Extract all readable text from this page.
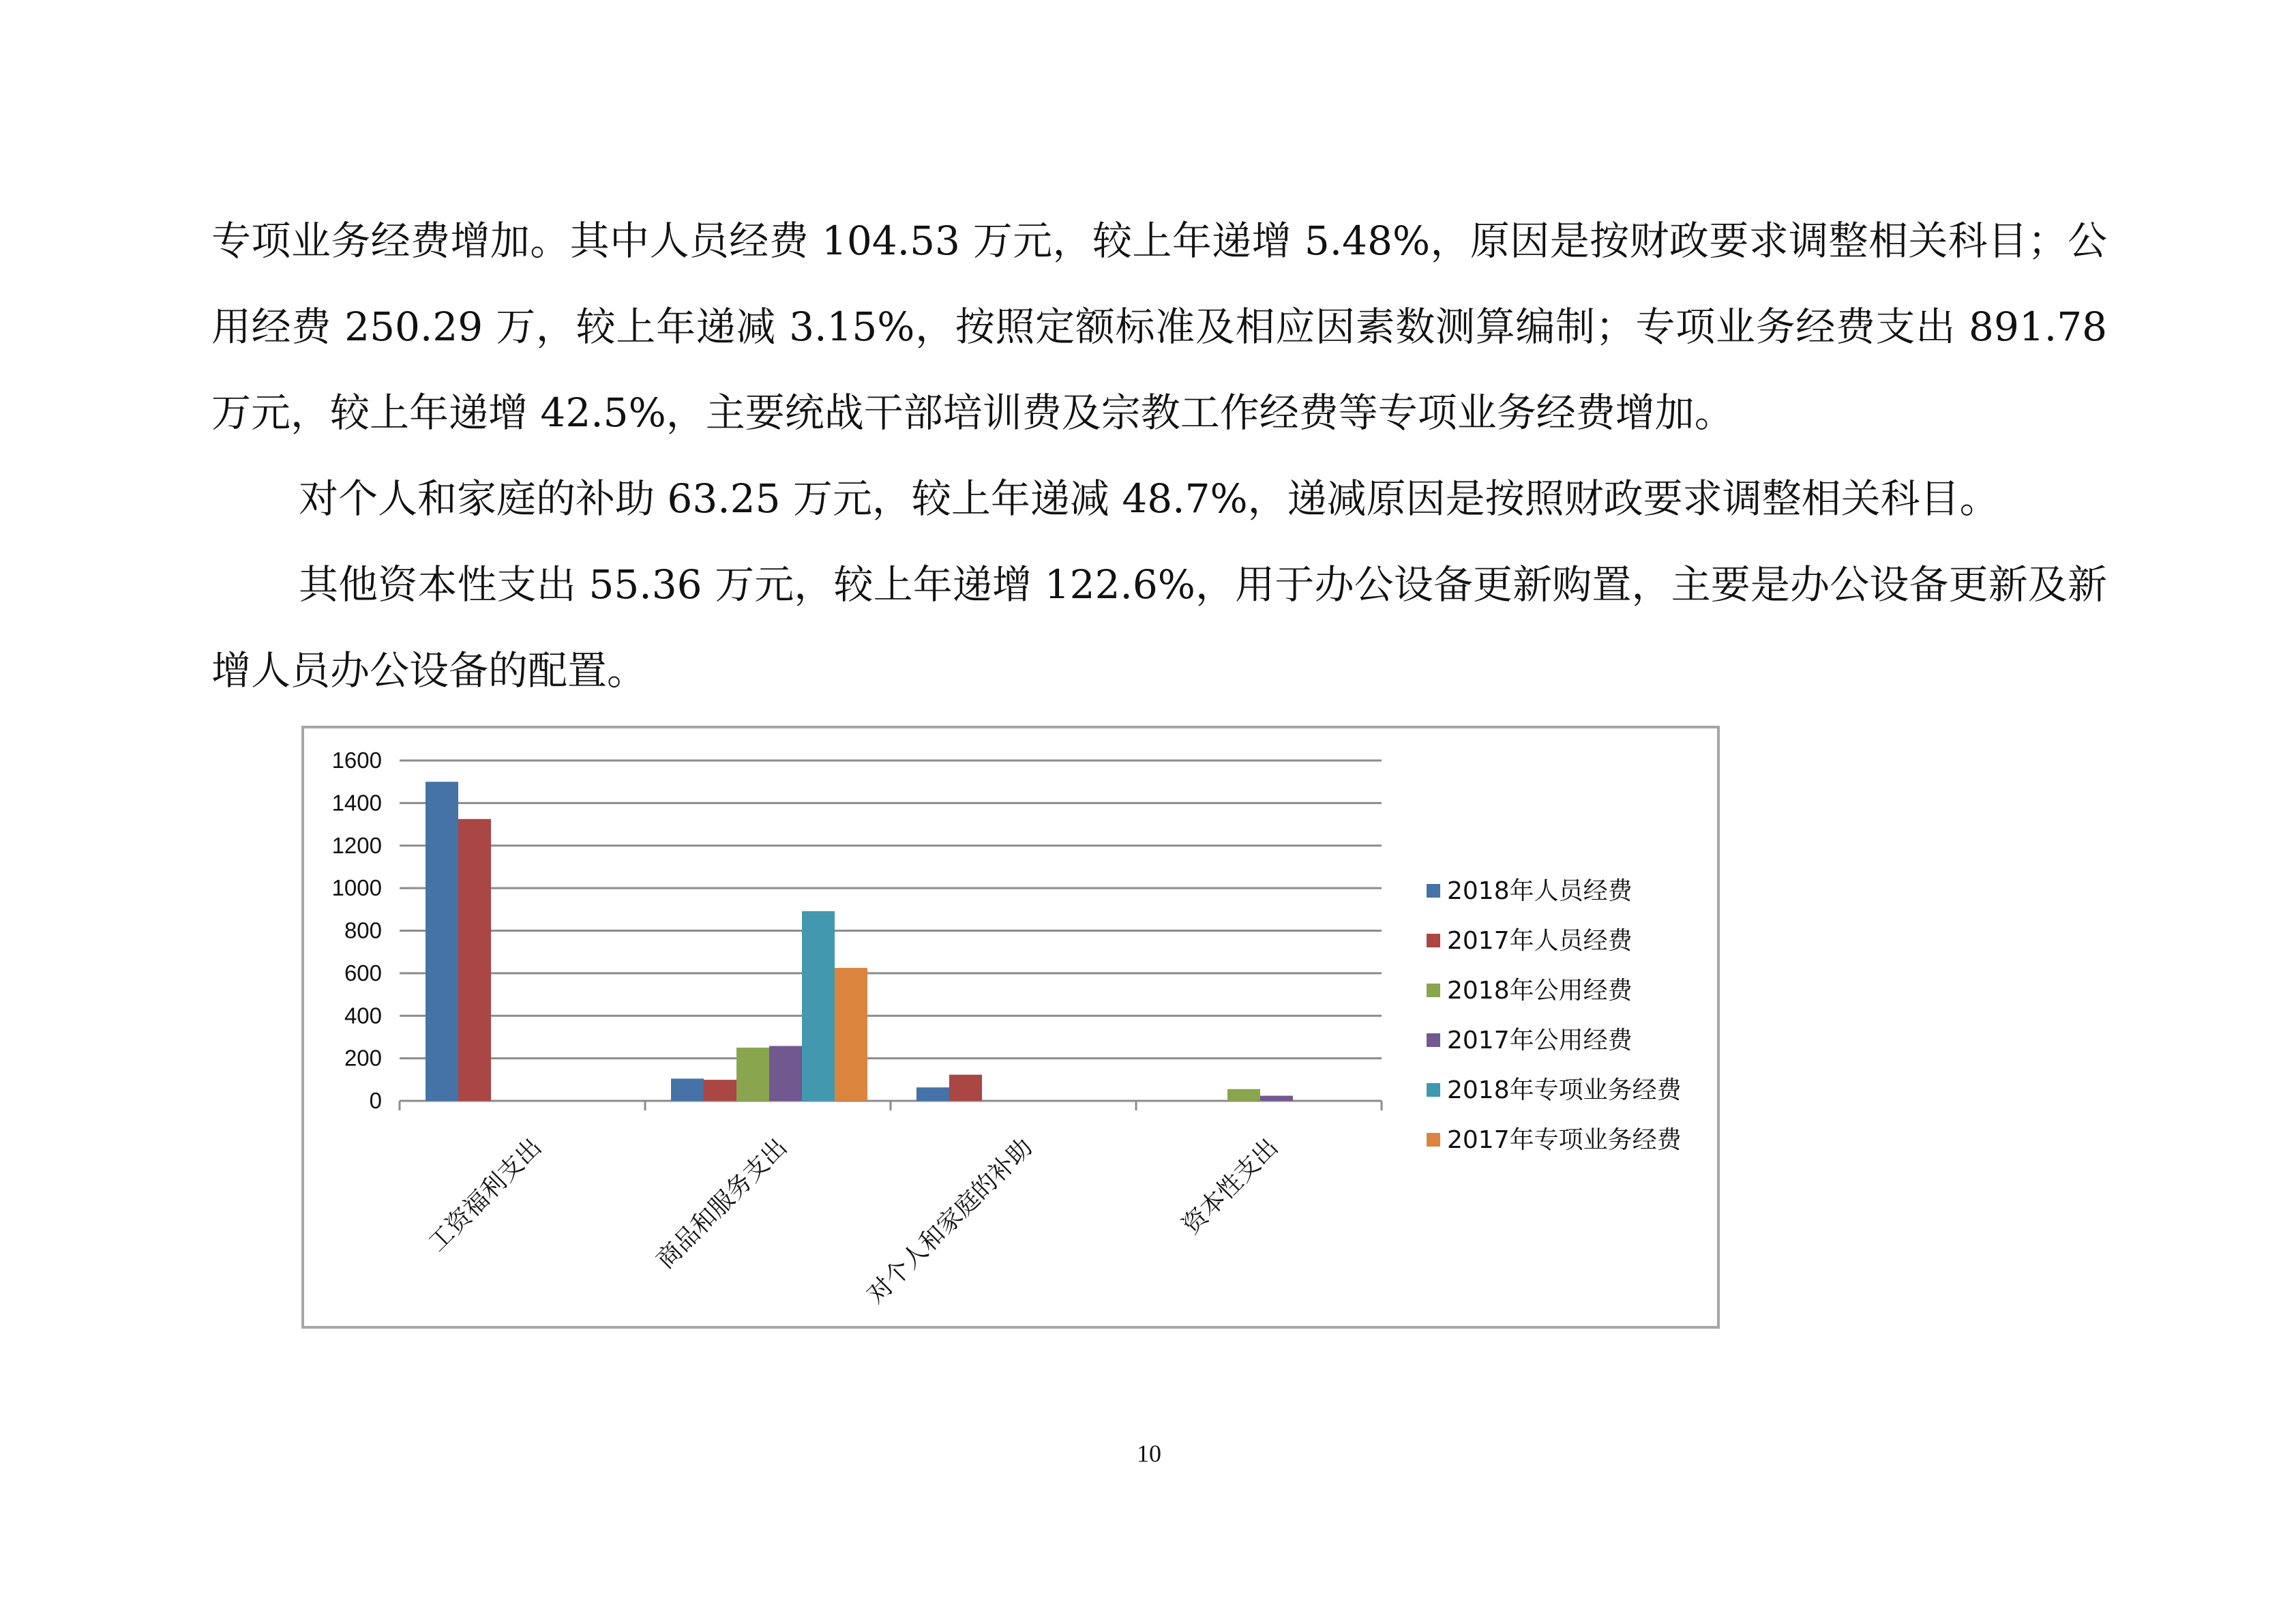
专项业务经费增加。其中人员经费 104.53 万元，较上年递增 5.48%，原因是按财政要求调整相关科目；公用经费 250.29 万，较上年递减 3.15%，按照定额标准及相应因素数测算编制；专项业务经费支出 891.78 万元，较上年递增 42.5%，主要统战干部培训费及宗教工作经费等专项业务经费增加。

对个人和家庭的补助 63.25 万元，较上年递减 48.7%，递减原因是按照财政要求调整相关科目。

其他资本性支出 55.36 万元，较上年递增 122.6%，用于办公设备更新购置，主要是办公设备更新及新增人员办公设备的配置。

0
200
400
600
800
1000
1200
1400
1600
工资福利支出	商品和服务支出	对个人和家庭的补助	资本性支出
2018年人员经费
2017年人员经费
2018年公用经费
2017年公用经费
2018年专项业务经费
2017年专项业务经费
10
